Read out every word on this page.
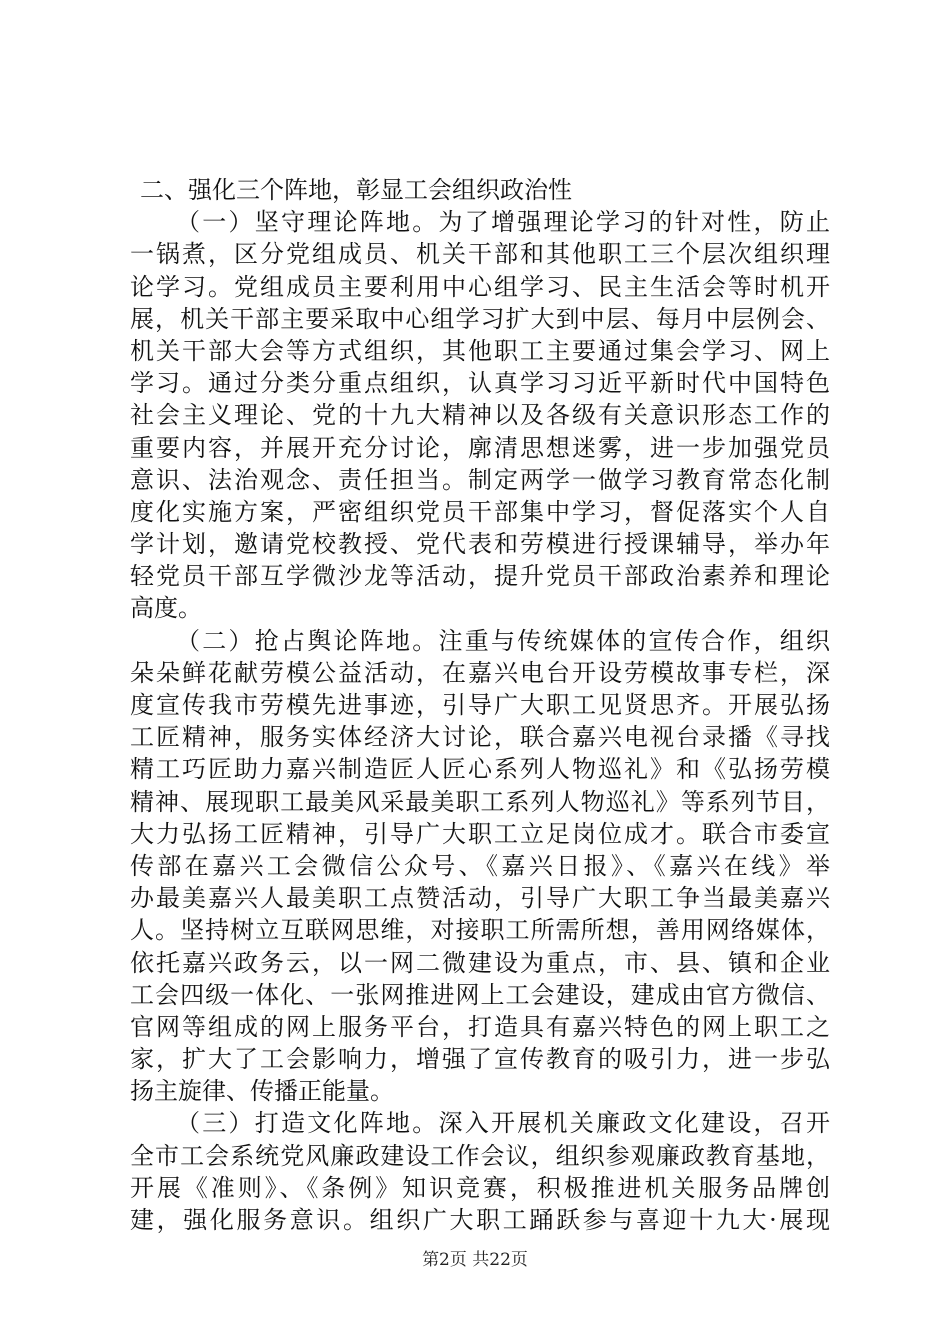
二、强化三个阵地，彰显工会组织政治性
（一）坚守理论阵地。为了增强理论学习的针对性，防止
一锅煮，区分党组成员、机关干部和其他职工三个层次组织理
论学习。党组成员主要利用中心组学习、民主生活会等时机开
展，机关干部主要采取中心组学习扩大到中层、每月中层例会、
机关干部大会等方式组织，其他职工主要通过集会学习、网上
学习。通过分类分重点组织，认真学习习近平新时代中国特色
社会主义理论、党的十九大精神以及各级有关意识形态工作的
重要内容，并展开充分讨论，廓清思想迷雾，进一步加强党员
意识、法治观念、责任担当。制定两学一做学习教育常态化制
度化实施方案，严密组织党员干部集中学习，督促落实个人自
学计划，邀请党校教授、党代表和劳模进行授课辅导，举办年
轻党员干部互学微沙龙等活动，提升党员干部政治素养和理论
高度。
（二）抢占舆论阵地。注重与传统媒体的宣传合作，组织
朵朵鲜花献劳模公益活动，在嘉兴电台开设劳模故事专栏，深
度宣传我市劳模先进事迹，引导广大职工见贤思齐。开展弘扬
工匠精神，服务实体经济大讨论，联合嘉兴电视台录播《寻找
精工巧匠助力嘉兴制造匠人匠心系列人物巡礼》和《弘扬劳模
精神、展现职工最美风采最美职工系列人物巡礼》等系列节目，
大力弘扬工匠精神，引导广大职工立足岗位成才。联合市委宣
传部在嘉兴工会微信公众号、《嘉兴日报》、《嘉兴在线》举
办最美嘉兴人最美职工点赞活动，引导广大职工争当最美嘉兴
人。坚持树立互联网思维，对接职工所需所想，善用网络媒体，
依托嘉兴政务云，以一网二微建设为重点，市、县、镇和企业
工会四级一体化、一张网推进网上工会建设，建成由官方微信、
官网等组成的网上服务平台，打造具有嘉兴特色的网上职工之
家，扩大了工会影响力，增强了宣传教育的吸引力，进一步弘
扬主旋律、传播正能量。
（三）打造文化阵地。深入开展机关廉政文化建设，召开
全市工会系统党风廉政建设工作会议，组织参观廉政教育基地，
开展《准则》、《条例》知识竞赛，积极推进机关服务品牌创
建，强化服务意识。组织广大职工踊跃参与喜迎十九大·展现
第2页 共22页
